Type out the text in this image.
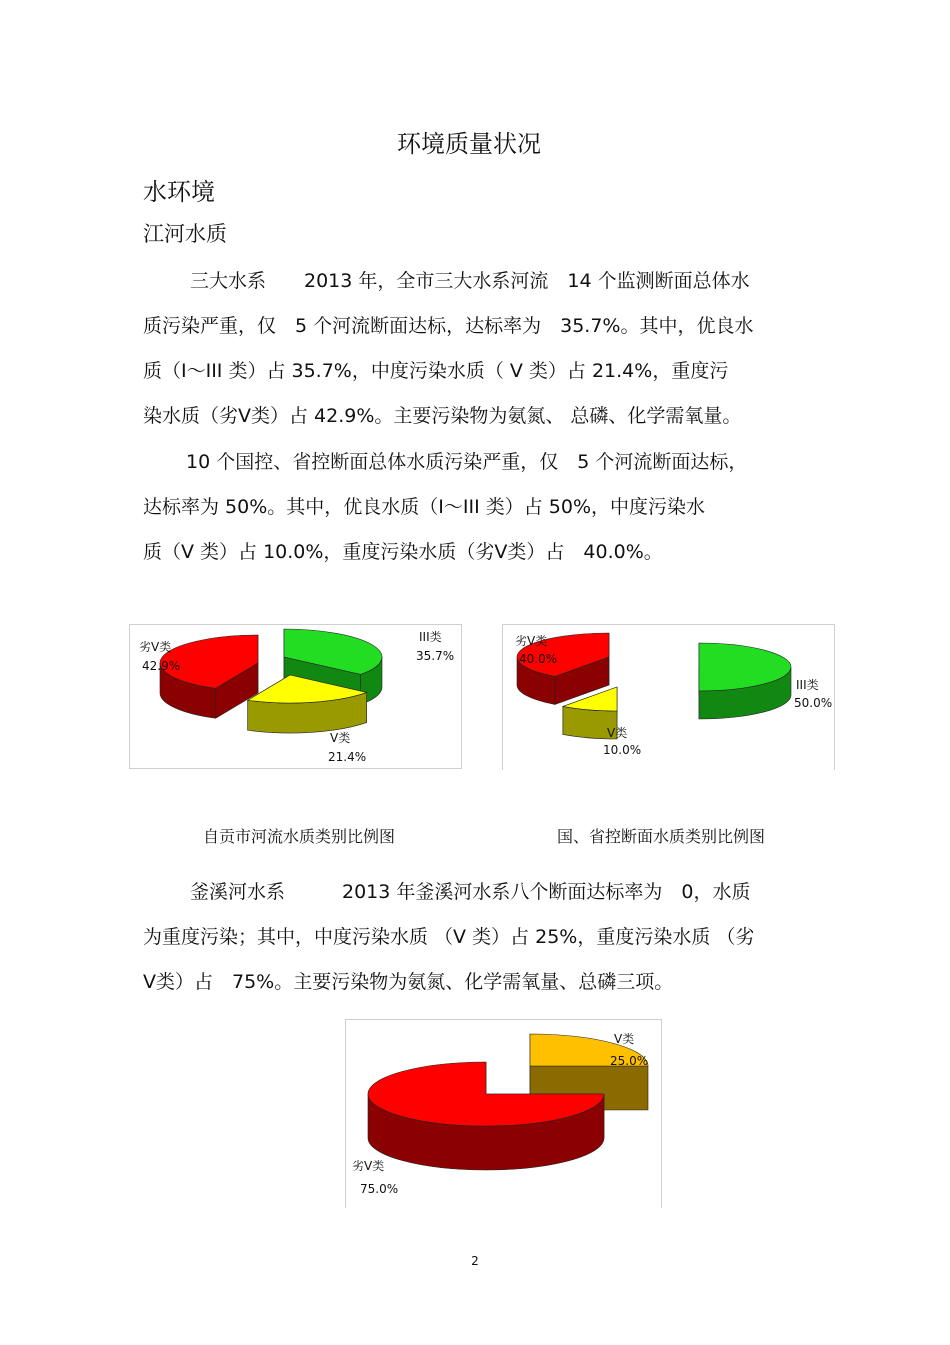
环境质量状况
水环境
江河水质
三大水系　　2013 年，全市三大水系河流　14 个监测断面总体水
质污染严重，仅　5 个河流断面达标，达标率为　35.7%。其中，优良水
质（Ⅰ～III 类）占 35.7%，中度污染水质（ Ⅴ 类）占 21.4%，重度污
染水质（劣Ⅴ类）占 42.9%。主要污染物为氨氮、 总磷、化学需氧量。
10 个国控、省控断面总体水质污染严重，仅　5 个河流断面达标，
达标率为 50%。其中，优良水质（Ⅰ～III 类）占 50%，中度污染水
质（Ⅴ 类）占 10.0%，重度污染水质（劣Ⅴ类）占　40.0%。
劣V类
42.9%
III类
35.7%
V类
21.4%
劣V类
40.0%
III类
50.0%
V类
10.0%
自贡市河流水质类别比例图	国、省控断面水质类别比例图
釜溪河水系　　　2013 年釜溪河水系八个断面达标率为　0，水质
为重度污染；其中，中度污染水质 （Ⅴ 类）占 25%，重度污染水质 （劣
Ⅴ类）占　75%。主要污染物为氨氮、化学需氧量、总磷三项。
V类
25.0%
劣V类
75.0%
2
